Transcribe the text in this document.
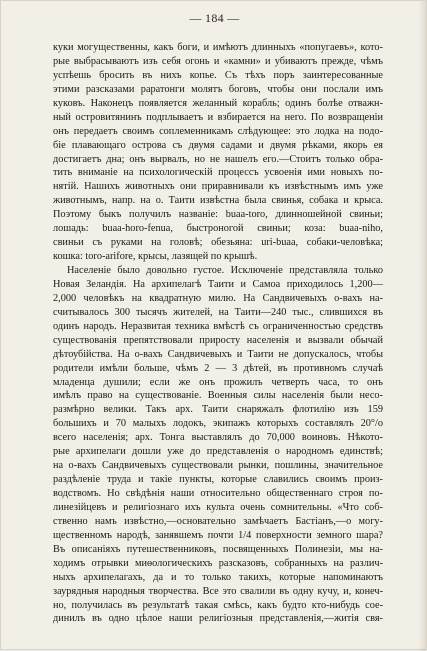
— 184 —
куки могущественны, какъ боги, и имѣютъ длинныхъ «попугаевъ», кото-
рые выбрасываютъ изъ себя огонь и «камни» и убиваютъ прежде, чѣмъ
успѣешь бросить въ нихъ копье. Съ тѣхъ поръ заинтересованные
этими разсказами раратонги молятъ боговъ, чтобы они послали имъ
куковъ. Наконецъ появляется желанный корабль; одинъ болѣе отважн-
ный островитянинъ подплываетъ и взбирается на него. По возвращеніи
онъ передаетъ своимъ соплеменникамъ слѣдующее: это лодка на подо-
біе плавающаго острова съ двумя садами и двумя рѣками, якорь ея
достигаетъ дна; онъ вырвалъ, но не нашелъ его.—Стоитъ только обра-
тить вниманіе на психологическій процессъ усвоенія ими новыхъ по-
нятій. Нашихъ животныхъ они приравнивали къ извѣстнымъ имъ уже
животнымъ, напр. на о. Таити извѣстна была свинья, собака и крыса.
Поэтому быкъ получилъ названіе: buaa-toro, длинношейной свиньи;
лошадь: buaa-horo-fenua, быстроногой свиньи; коза: buaa-niho,
свиньи съ руками на головѣ; обезьяна: uri-buaa, собаки-человѣка;
кошка: toro-arifore, крысы, лазящей по крышѣ.
Населеніе было довольно густое. Исключеніе представляла только
Новая Зеландія. На архипелагѣ Таити и Самоа приходилось 1,200—
2,000 человѣкъ на квадратную милю. На Сандвичевыхъ о-вахъ на-
считывалось 300 тысячъ жителей, на Таити—240 тыс., слившихся въ
одинъ народъ. Неразвитая техника вмѣстѣ съ ограниченностью средствъ
существованія препятствовали приросту населенія и вызвали обычай
дѣтоубійства. На о-вахъ Сандвичевыхъ и Таити не допускалось, чтобы
родители имѣли больше, чѣмъ 2 — 3 дѣтей, въ противномъ случаѣ
младенца душили; если же онъ прожилъ четверть часа, то онъ
имѣлъ право на существованіе. Военныя силы населенія были несо-
размѣрно велики. Такъ арх. Таити снаряжалъ флотилію изъ 159
большихъ и 70 малыхъ лодокъ, экипажъ которыхъ составлялъ 20°/o
всего населенія; арх. Тонга выставлялъ до 70,000 воиновъ. Нѣкото-
рые архипелаги дошли уже до представленія о народномъ единствѣ;
на о-вахъ Сандвичевыхъ существовали рынки, пошлины, значительное
раздѣленіе труда и такіе пункты, которые славились своимъ произ-
водствомъ. Но свѣдѣнія наши относительно общественнаго строя по-
линезійцевъ и религіознаго ихъ культа очень сомнительны. «Что соб-
ственно намъ извѣстно,—основательно замѣчаетъ Бастіанъ,—о могу-
щественномъ народѣ, занявшемъ почти 1/4 поверхности земного шара?
Въ описаніяхъ путешественниковъ, посвященныхъ Полинезіи, мы на-
ходимъ отрывки миѳологическихъ разсказовъ, собранныхъ на различ-
ныхъ архипелагахъ, да и то только такихъ, которые напоминаютъ
заурядныя народныя творчества. Все это свалили въ одну кучу, и, конеч-
но, получилась въ результатѣ такая смѣсь, какъ будто кто-нибудь сое-
динилъ въ одно цѣлое наши религіозныя представленія,—житія свя-
